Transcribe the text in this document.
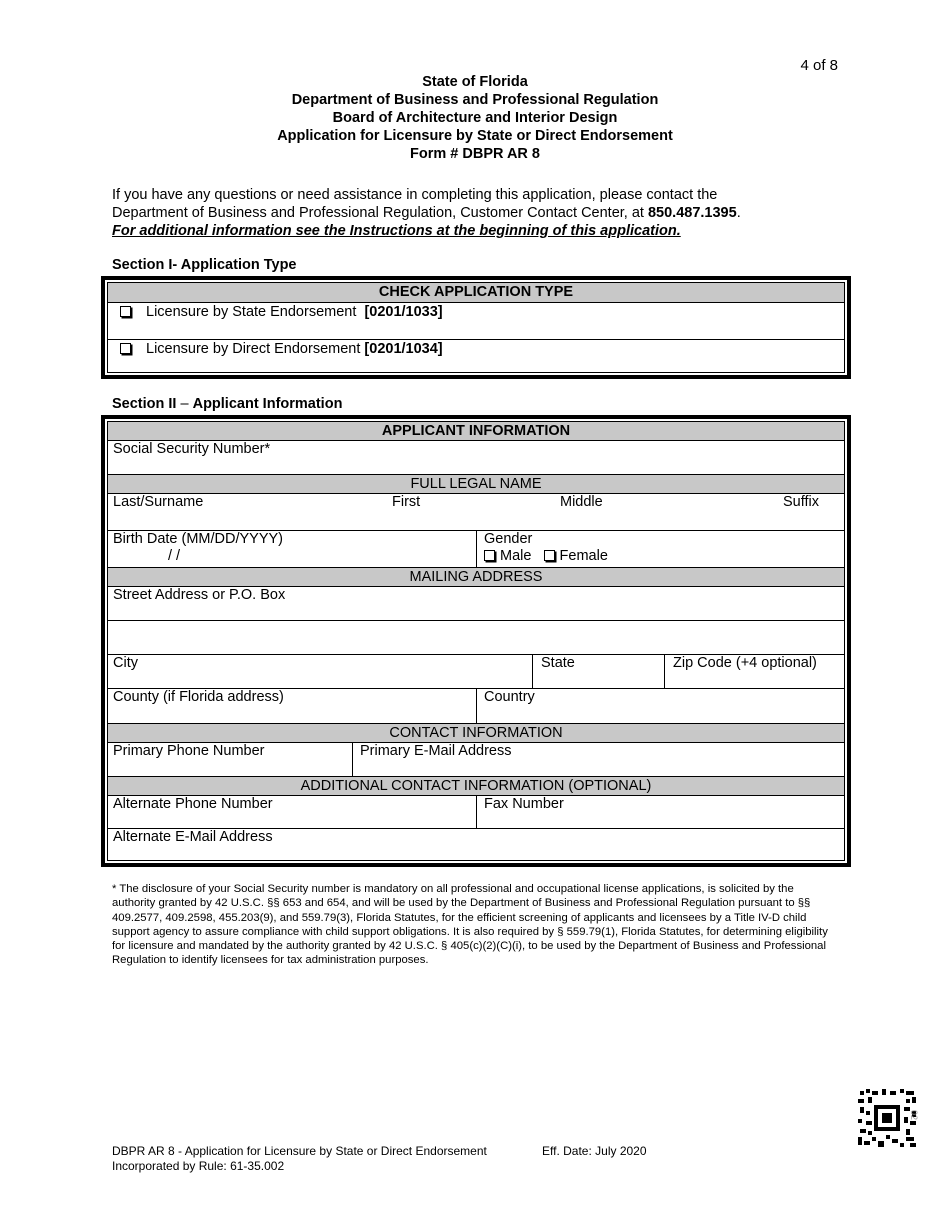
4 of 8
State of Florida
Department of Business and Professional Regulation
Board of Architecture and Interior Design
Application for Licensure by State or Direct Endorsement
Form # DBPR AR 8
If you have any questions or need assistance in completing this application, please contact the
Department of Business and Professional Regulation, Customer Contact Center, at 850.487.1395.
For additional information see the Instructions at the beginning of this application.
Section I- Application Type
CHECK APPLICATION TYPE
Licensure by State Endorsement [0201/1033]
Licensure by Direct Endorsement [0201/1034]
Section II – Applicant Information
APPLICANT INFORMATION
Social Security Number*
FULL LEGAL NAME
Last/Surname	First	Middle	Suffix
Birth Date (MM/DD/YYYY)
/ /
Gender
Male Female
MAILING ADDRESS
Street Address or P.O. Box
City	State	Zip Code (+4 optional)
County (if Florida address)	Country
CONTACT INFORMATION
Primary Phone Number	Primary E-Mail Address
ADDITIONAL CONTACT INFORMATION (OPTIONAL)
Alternate Phone Number	Fax Number
Alternate E-Mail Address
* The disclosure of your Social Security number is mandatory on all professional and occupational license applications, is solicited by the authority granted by 42 U.S.C. §§ 653 and 654, and will be used by the Department of Business and Professional Regulation pursuant to §§ 409.2577, 409.2598, 455.203(9), and 559.79(3), Florida Statutes, for the efficient screening of applicants and licensees by a Title IV-D child support agency to assure compliance with child support obligations. It is also required by § 559.79(1), Florida Statutes, for determining eligibility for licensure and mandated by the authority granted by 42 U.S.C. § 405(c)(2)(C)(i), to be used by the Department of Business and Professional Regulation to identify licensees for tax administration purposes.
DBPR AR 8 - Application for Licensure by State or Direct Endorsement
Incorporated by Rule: 61-35.002
Eff. Date: July 2020
02
